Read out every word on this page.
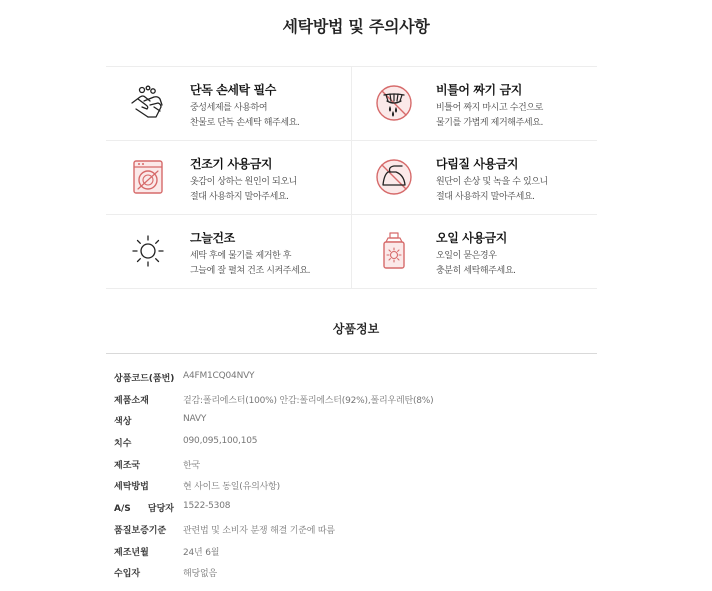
세탁방법 및 주의사항
단독 손세탁 필수
중성세제를 사용하여
찬물로 단독 손세탁 해주세요.
비틀어 짜기 금지
비틀어 짜지 마시고 수건으로
물기를 가볍게 제거해주세요.
건조기 사용금지
옷감이 상하는 원인이 되오니
절대 사용하지 말아주세요.
다림질 사용금지
원단이 손상 및 녹을 수 있으니
절대 사용하지 말아주세요.
그늘건조
세탁 후에 물기를 제거한 후
그늘에 잘 펼쳐 건조 시켜주세요.
오일 사용금지
오일이 묻은경우
충분히 세탁해주세요.
상품정보
상품코드(품번) A4FM1CQ04NVY
제품소재	겉감:폴리에스터(100%) 안감:폴리에스터(92%),폴리우레탄(8%)
색상	NAVY
치수	090,095,100,105
제조국	한국
세탁방법	현 사이드 동일(유의사항)
A/S 담당자 1522-5308
품질보증기준	관련법 및 소비자 분쟁 해결 기준에 따름
제조년월	24년 6월
수입자	해당없음
